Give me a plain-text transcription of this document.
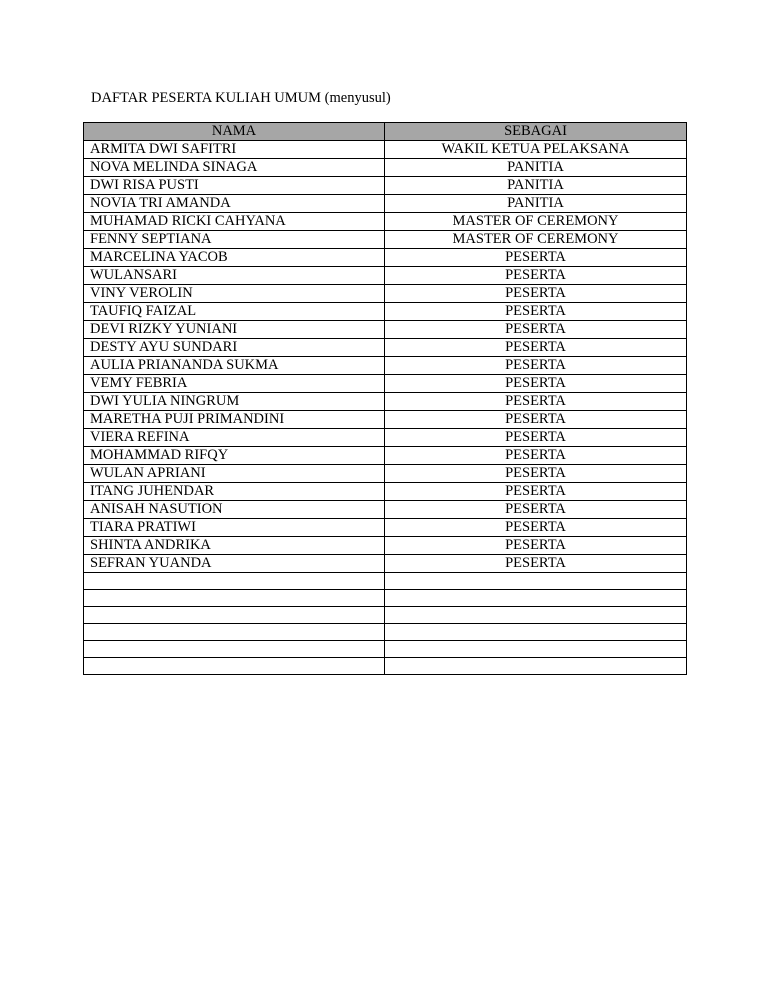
DAFTAR PESERTA KULIAH UMUM (menyusul)
NAMA	SEBAGAI
ARMITA DWI SAFITRI	WAKIL KETUA PELAKSANA
NOVA MELINDA SINAGA	PANITIA
DWI RISA PUSTI	PANITIA
NOVIA TRI AMANDA	PANITIA
MUHAMAD RICKI CAHYANA	MASTER OF CEREMONY
FENNY SEPTIANA	MASTER OF CEREMONY
MARCELINA YACOB	PESERTA
WULANSARI	PESERTA
VINY VEROLIN	PESERTA
TAUFIQ FAIZAL	PESERTA
DEVI RIZKY YUNIANI	PESERTA
DESTY AYU SUNDARI	PESERTA
AULIA PRIANANDA SUKMA	PESERTA
VEMY FEBRIA	PESERTA
DWI YULIA NINGRUM	PESERTA
MARETHA PUJI PRIMANDINI	PESERTA
VIERA REFINA	PESERTA
MOHAMMAD RIFQY	PESERTA
WULAN APRIANI	PESERTA
ITANG JUHENDAR	PESERTA
ANISAH NASUTION	PESERTA
TIARA PRATIWI	PESERTA
SHINTA ANDRIKA	PESERTA
SEFRAN YUANDA	PESERTA
